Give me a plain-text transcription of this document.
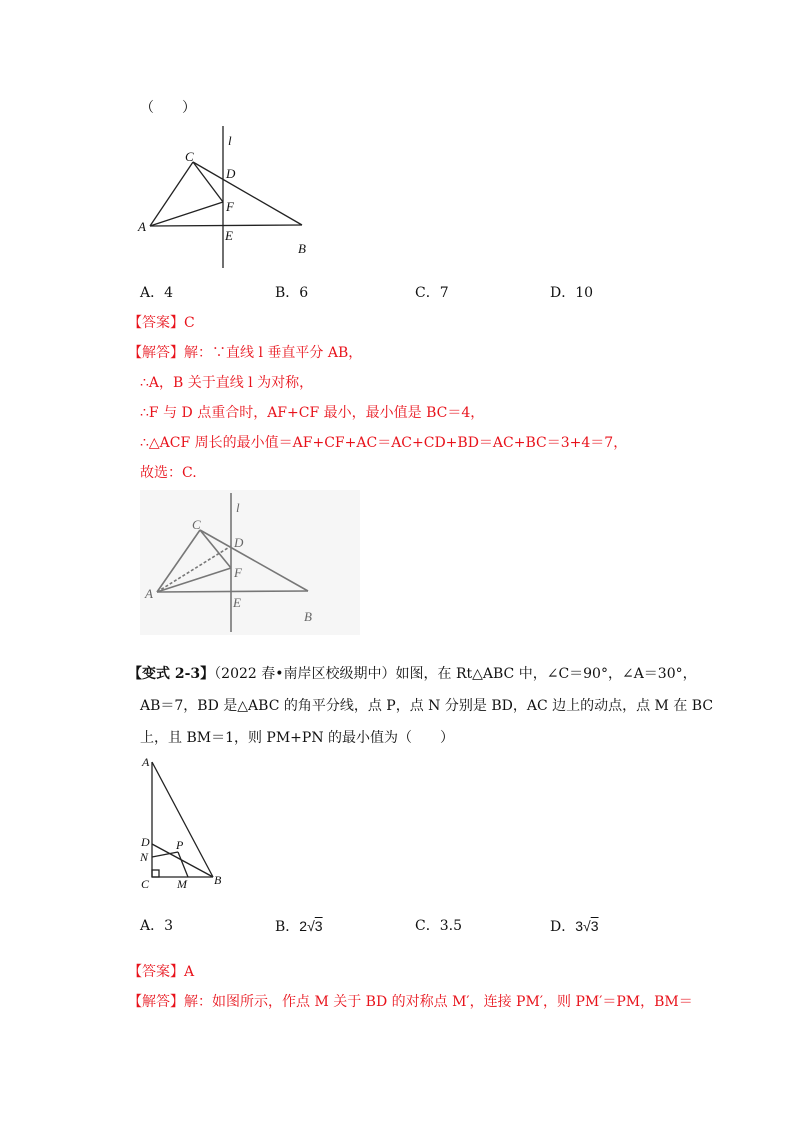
（　　）
C
D
F
A
E
B
l
A．4	B．6	C．7	D．10
【答案】C
【解答】解：∵直线 l 垂直平分 AB，
∴A，B 关于直线 l 为对称，
∴F 与 D 点重合时，AF+CF 最小，最小值是 BC＝4，
∴△ACF 周长的最小值＝AF+CF+AC＝AC+CD+BD＝AC+BC＝3+4＝7，
故选：C.
C
D
F
A
E
B
l
【变式 2-3】（2022 春•南岸区校级期中）如图，在 Rt△ABC 中，∠C＝90°，∠A＝30°，
AB＝7，BD 是△ABC 的角平分线，点 P，点 N 分别是 BD，AC 边上的动点，点 M 在 BC
上，且 BM＝1，则 PM+PN 的最小值为（　　）
A
D
N
P
C M B
A．3	B．2√3	C．3.5	D．3√3
【答案】A
【解答】解：如图所示，作点 M 关于 BD 的对称点 M′，连接 PM′，则 PM′＝PM，BM＝
